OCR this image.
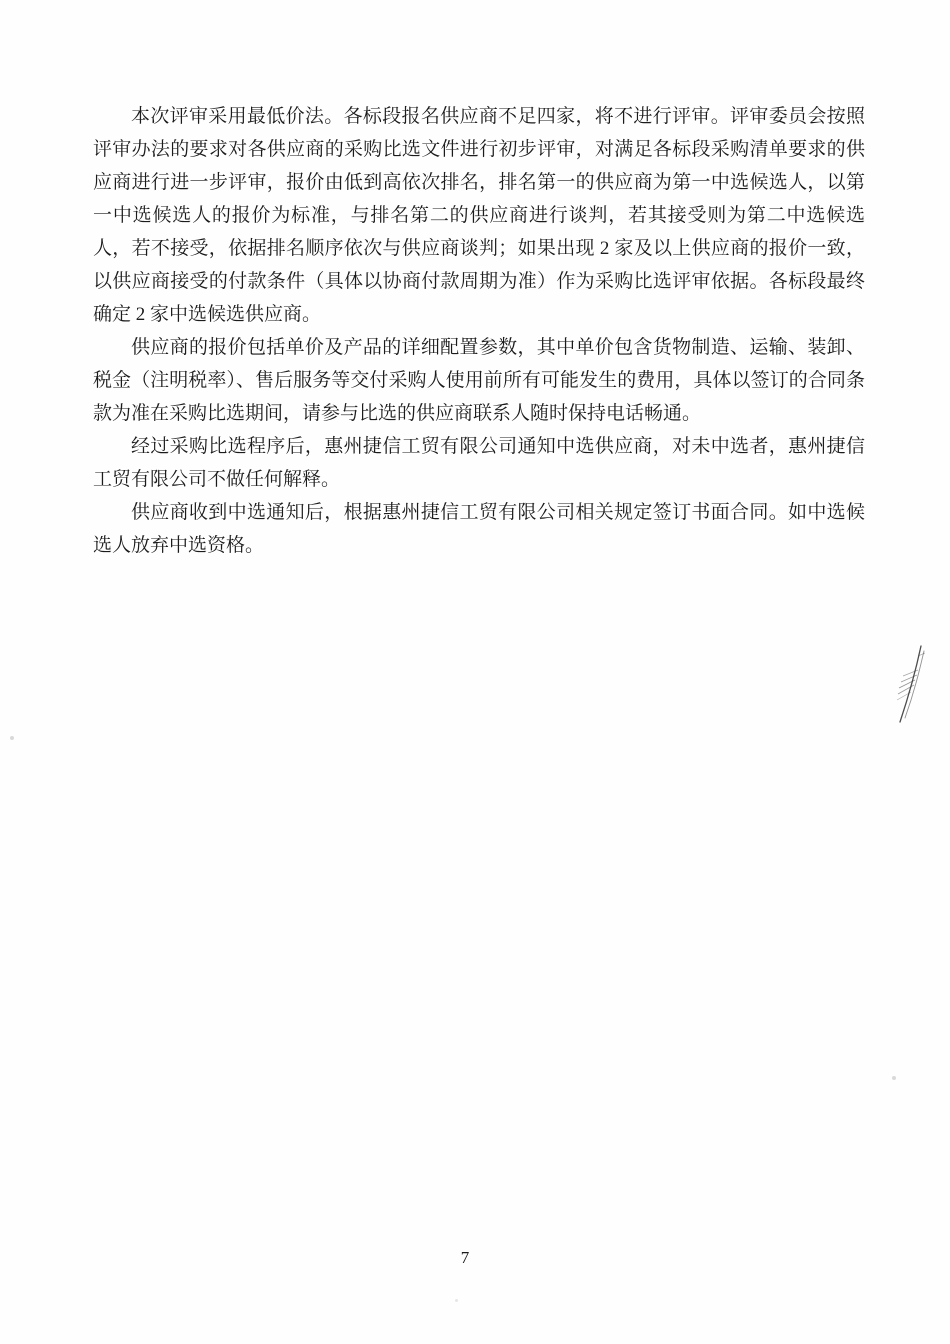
本次评审采用最低价法。各标段报名供应商不足四家，将不进行评审。评审委员会按照评审办法的要求对各供应商的采购比选文件进行初步评审，对满足各标段采购清单要求的供应商进行进一步评审，报价由低到高依次排名，排名第一的供应商为第一中选候选人，以第一中选候选人的报价为标准，与排名第二的供应商进行谈判，若其接受则为第二中选候选人，若不接受，依据排名顺序依次与供应商谈判；如果出现 2 家及以上供应商的报价一致，以供应商接受的付款条件（具体以协商付款周期为准）作为采购比选评审依据。各标段最终确定 2 家中选候选供应商。

供应商的报价包括单价及产品的详细配置参数，其中单价包含货物制造、运输、装卸、税金（注明税率）、售后服务等交付采购人使用前所有可能发生的费用，具体以签订的合同条款为准在采购比选期间，请参与比选的供应商联系人随时保持电话畅通。

经过采购比选程序后，惠州捷信工贸有限公司通知中选供应商，对未中选者，惠州捷信工贸有限公司不做任何解释。

供应商收到中选通知后，根据惠州捷信工贸有限公司相关规定签订书面合同。如中选候选人放弃中选资格。

7
